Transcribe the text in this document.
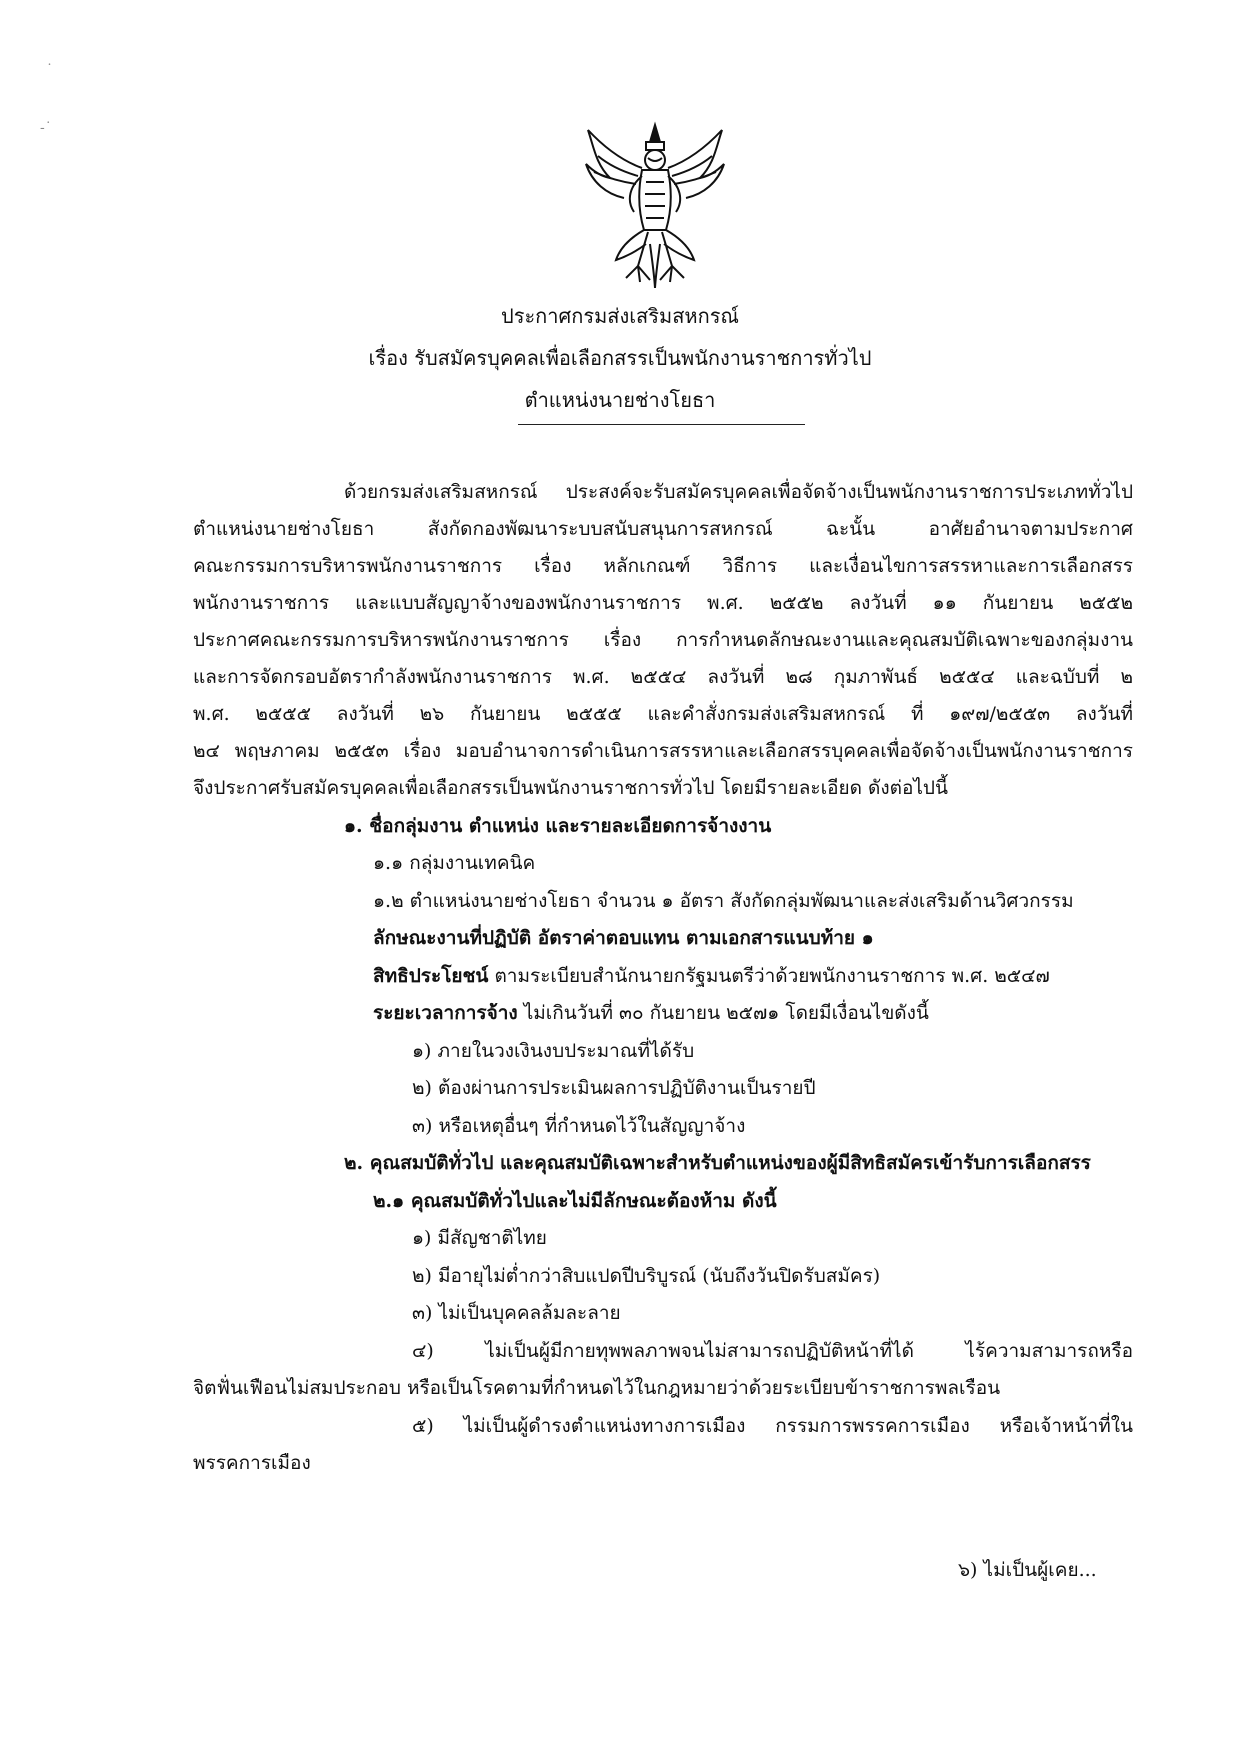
˙
-˙
ประกาศกรมส่งเสริมสหกรณ์
เรื่อง รับสมัครบุคคลเพื่อเลือกสรรเป็นพนักงานราชการทั่วไป
ตำแหน่งนายช่างโยธา
ด้วยกรมส่งเสริมสหกรณ์ ประสงค์จะรับสมัครบุคคลเพื่อจัดจ้างเป็นพนักงานราชการประเภททั่วไป
ตำแหน่งนายช่างโยธา สังกัดกองพัฒนาระบบสนับสนุนการสหกรณ์ ฉะนั้น อาศัยอำนาจตามประกาศ
คณะกรรมการบริหารพนักงานราชการ เรื่อง หลักเกณฑ์ วิธีการ และเงื่อนไขการสรรหาและการเลือกสรร
พนักงานราชการ และแบบสัญญาจ้างของพนักงานราชการ พ.ศ. ๒๕๕๒ ลงวันที่ ๑๑ กันยายน ๒๕๕๒
ประกาศคณะกรรมการบริหารพนักงานราชการ เรื่อง การกำหนดลักษณะงานและคุณสมบัติเฉพาะของกลุ่มงาน
และการจัดกรอบอัตรากำลังพนักงานราชการ พ.ศ. ๒๕๕๔ ลงวันที่ ๒๘ กุมภาพันธ์ ๒๕๕๔ และฉบับที่ ๒
พ.ศ. ๒๕๕๕ ลงวันที่ ๒๖ กันยายน ๒๕๕๕ และคำสั่งกรมส่งเสริมสหกรณ์ ที่ ๑๙๗/๒๕๕๓ ลงวันที่
๒๔ พฤษภาคม ๒๕๕๓ เรื่อง มอบอำนาจการดำเนินการสรรหาและเลือกสรรบุคคลเพื่อจัดจ้างเป็นพนักงานราชการ
จึงประกาศรับสมัครบุคคลเพื่อเลือกสรรเป็นพนักงานราชการทั่วไป โดยมีรายละเอียด ดังต่อไปนี้
๑. ชื่อกลุ่มงาน ตำแหน่ง และรายละเอียดการจ้างงาน
๑.๑ กลุ่มงานเทคนิค
๑.๒ ตำแหน่งนายช่างโยธา จำนวน ๑ อัตรา สังกัดกลุ่มพัฒนาและส่งเสริมด้านวิศวกรรม
ลักษณะงานที่ปฏิบัติ อัตราค่าตอบแทน ตามเอกสารแนบท้าย ๑
สิทธิประโยชน์ ตามระเบียบสำนักนายกรัฐมนตรีว่าด้วยพนักงานราชการ พ.ศ. ๒๕๔๗
ระยะเวลาการจ้าง ไม่เกินวันที่ ๓๐ กันยายน ๒๕๗๑ โดยมีเงื่อนไขดังนี้
๑) ภายในวงเงินงบประมาณที่ได้รับ
๒) ต้องผ่านการประเมินผลการปฏิบัติงานเป็นรายปี
๓) หรือเหตุอื่นๆ ที่กำหนดไว้ในสัญญาจ้าง
๒. คุณสมบัติทั่วไป และคุณสมบัติเฉพาะสำหรับตำแหน่งของผู้มีสิทธิสมัครเข้ารับการเลือกสรร
๒.๑ คุณสมบัติทั่วไปและไม่มีลักษณะต้องห้าม ดังนี้
๑) มีสัญชาติไทย
๒) มีอายุไม่ต่ำกว่าสิบแปดปีบริบูรณ์ (นับถึงวันปิดรับสมัคร)
๓) ไม่เป็นบุคคลล้มละลาย
๔) ไม่เป็นผู้มีกายทุพพลภาพจนไม่สามารถปฏิบัติหน้าที่ได้ ไร้ความสามารถหรือ
จิตฟั่นเฟือนไม่สมประกอบ หรือเป็นโรคตามที่กำหนดไว้ในกฎหมายว่าด้วยระเบียบข้าราชการพลเรือน
๕) ไม่เป็นผู้ดำรงตำแหน่งทางการเมือง กรรมการพรรคการเมือง หรือเจ้าหน้าที่ใน
พรรคการเมือง
๖) ไม่เป็นผู้เคย...
